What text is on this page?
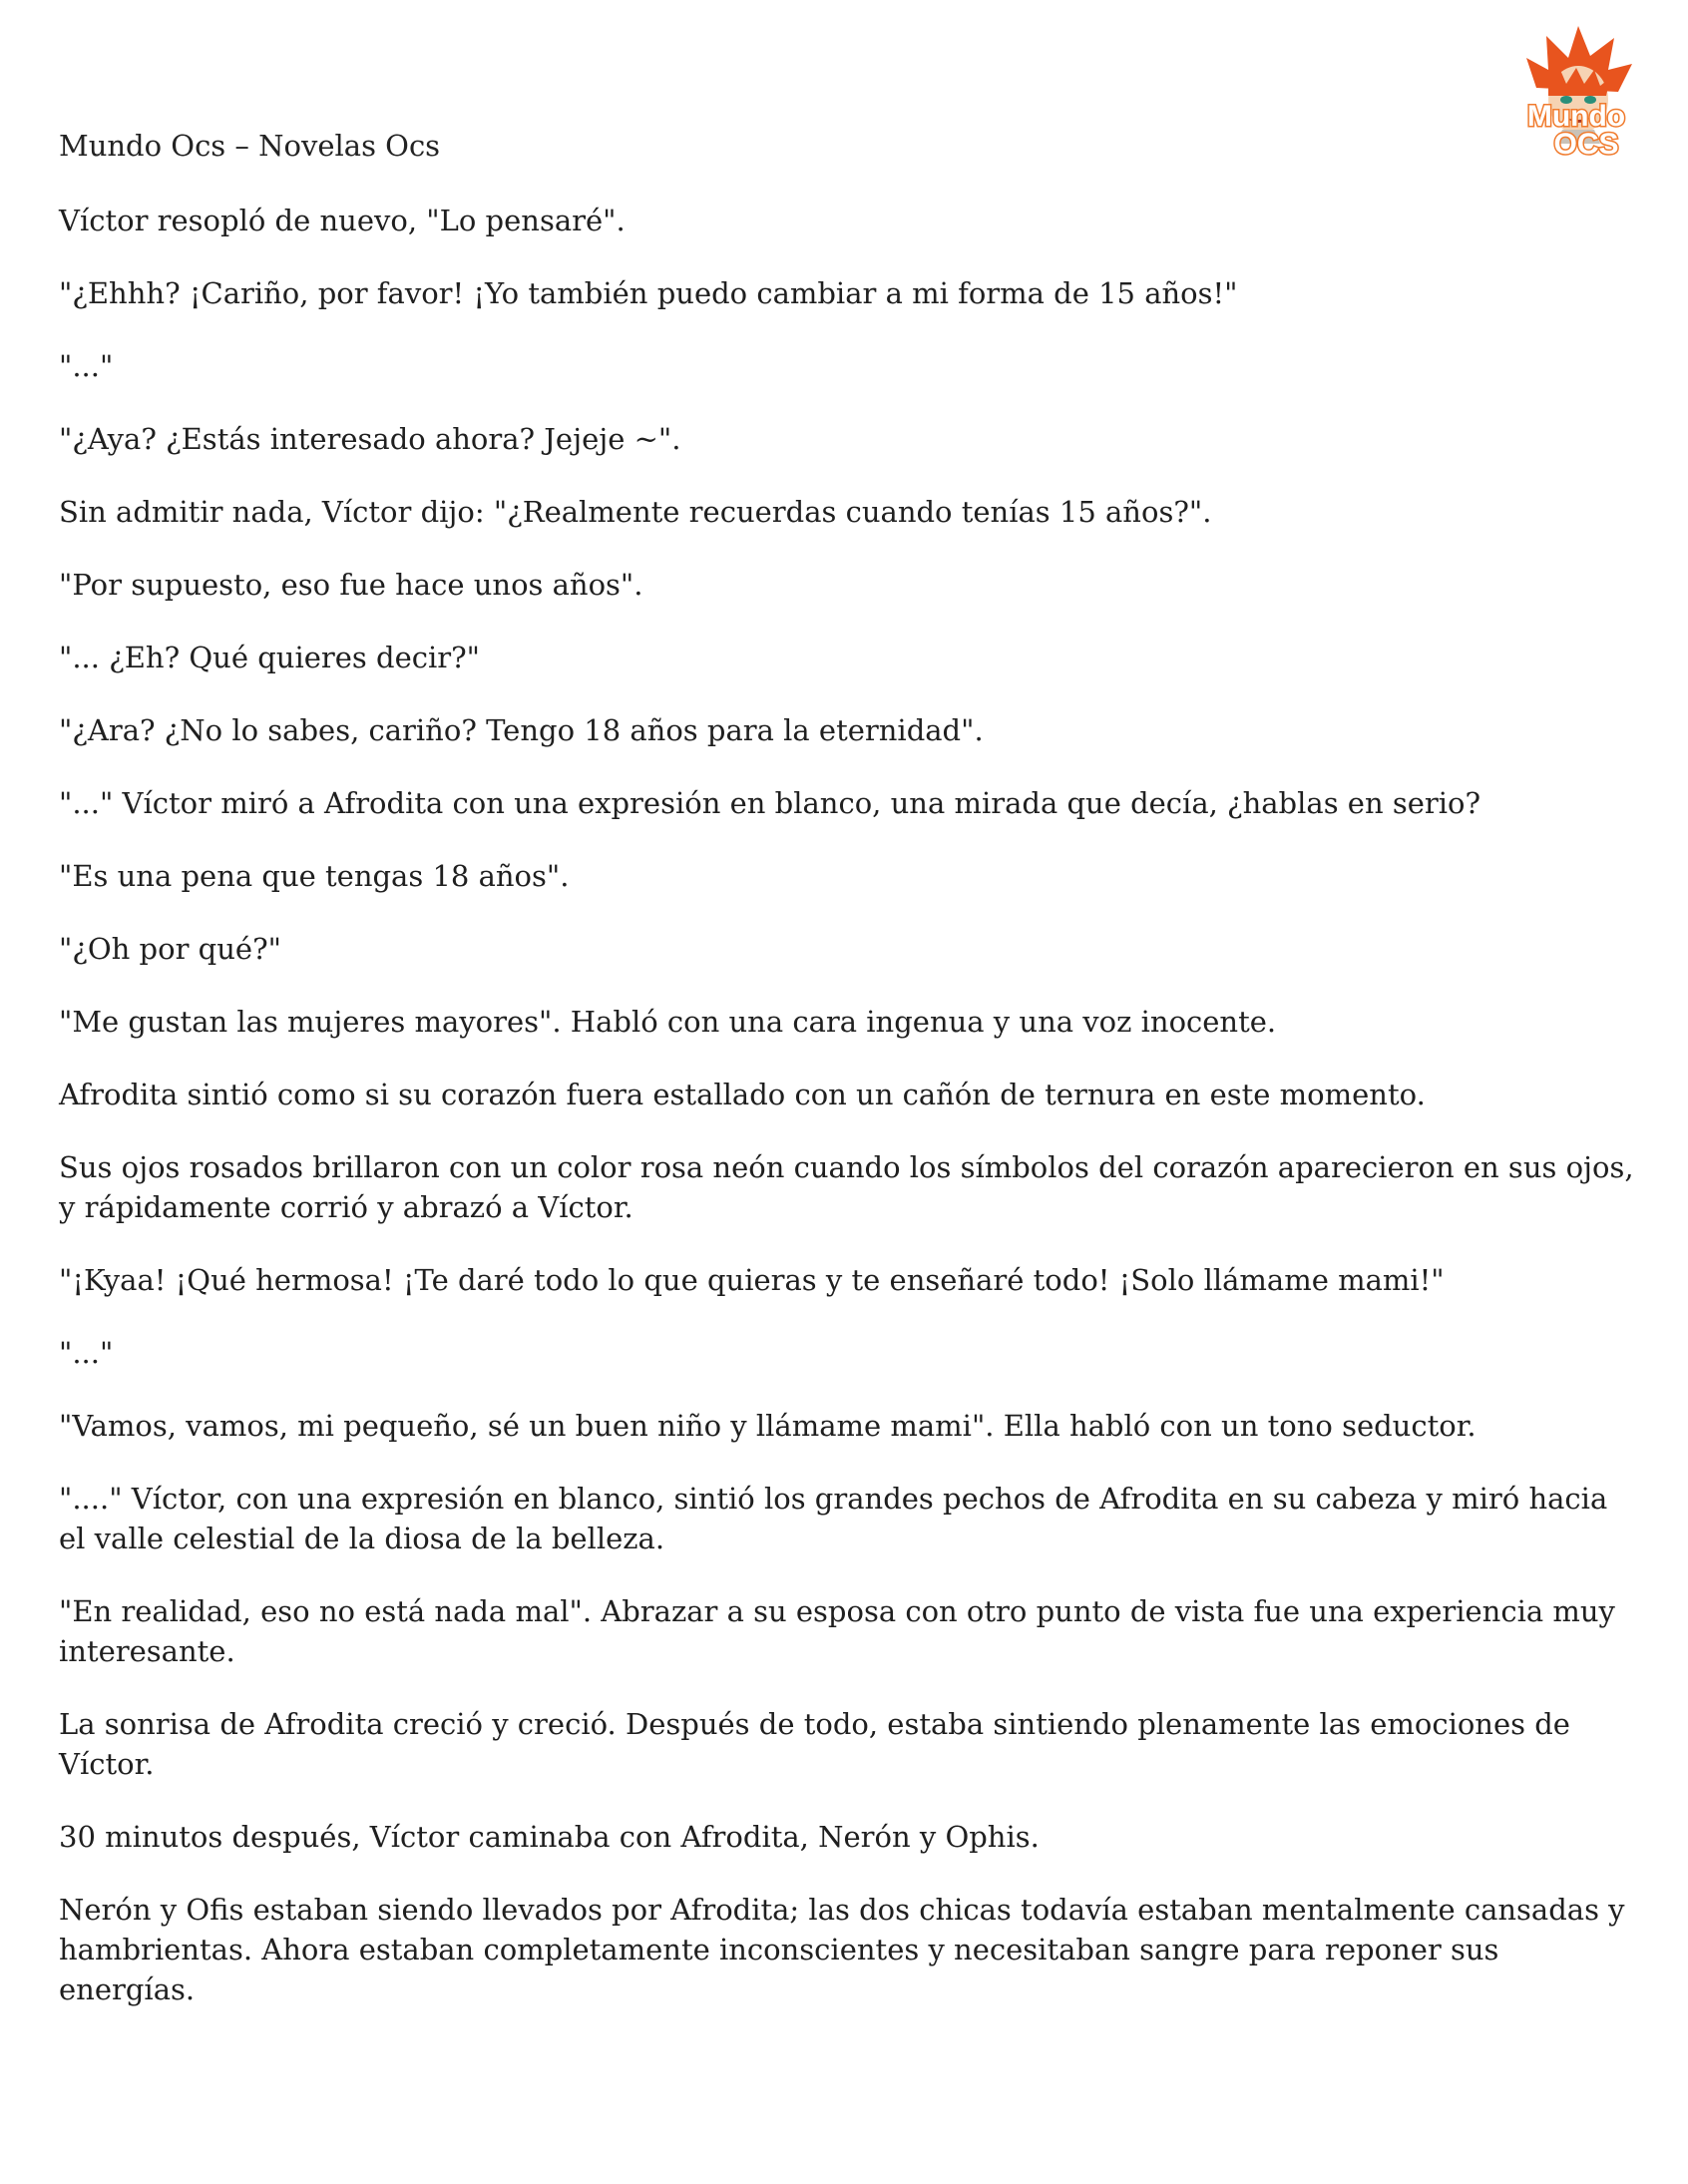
Mundo
OCS
Mundo Ocs – Novelas Ocs

Víctor resopló de nuevo, "Lo pensaré".

"¿Ehhh? ¡Cariño, por favor! ¡Yo también puedo cambiar a mi forma de 15 años!"

"..."

"¿Aya? ¿Estás interesado ahora? Jejeje ~".

Sin admitir nada, Víctor dijo: "¿Realmente recuerdas cuando tenías 15 años?".

"Por supuesto, eso fue hace unos años".

"... ¿Eh? Qué quieres decir?"

"¿Ara? ¿No lo sabes, cariño? Tengo 18 años para la eternidad".

"..." Víctor miró a Afrodita con una expresión en blanco, una mirada que decía, ¿hablas en serio?

"Es una pena que tengas 18 años".

"¿Oh por qué?"

"Me gustan las mujeres mayores". Habló con una cara ingenua y una voz inocente.

Afrodita sintió como si su corazón fuera estallado con un cañón de ternura en este momento.

Sus ojos rosados brillaron con un color rosa neón cuando los símbolos del corazón aparecieron en sus ojos, y rápidamente corrió y abrazó a Víctor.

"¡Kyaa! ¡Qué hermosa! ¡Te daré todo lo que quieras y te enseñaré todo! ¡Solo llámame mami!"

"..."

"Vamos, vamos, mi pequeño, sé un buen niño y llámame mami". Ella habló con un tono seductor.

"...." Víctor, con una expresión en blanco, sintió los grandes pechos de Afrodita en su cabeza y miró hacia el valle celestial de la diosa de la belleza.

"En realidad, eso no está nada mal". Abrazar a su esposa con otro punto de vista fue una experiencia muy interesante.

La sonrisa de Afrodita creció y creció. Después de todo, estaba sintiendo plenamente las emociones de Víctor.

30 minutos después, Víctor caminaba con Afrodita, Nerón y Ophis.

Nerón y Ofis estaban siendo llevados por Afrodita; las dos chicas todavía estaban mentalmente cansadas y hambrientas. Ahora estaban completamente inconscientes y necesitaban sangre para reponer sus energías.
